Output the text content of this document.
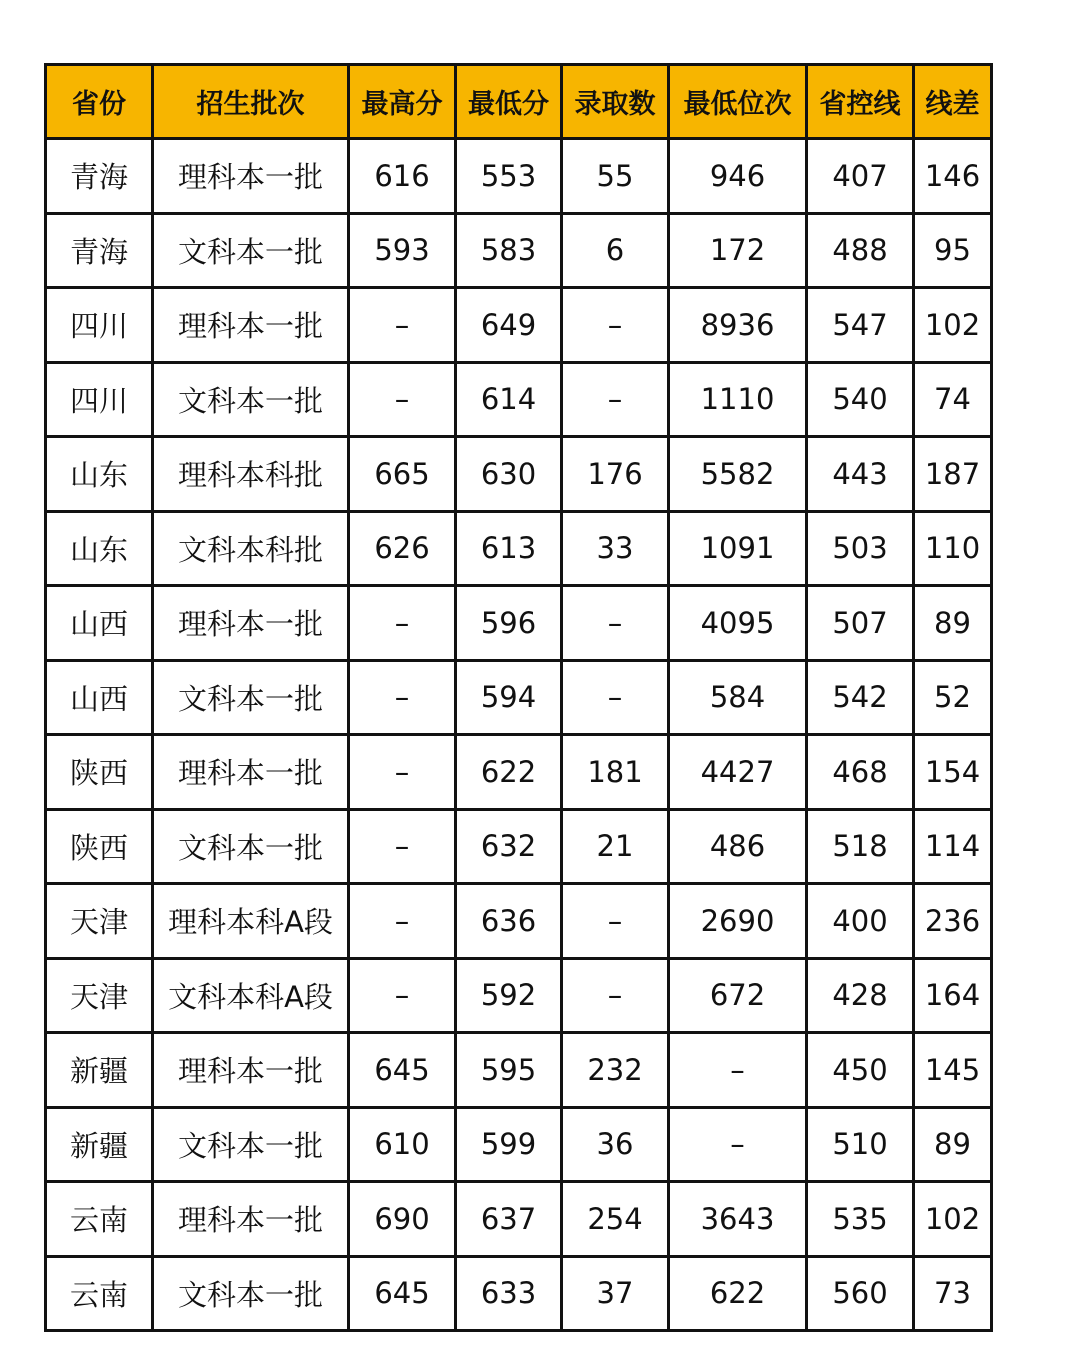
省份	招生批次	最高分	最低分	录取数	最低位次	省控线	线差
青海	理科本一批	616	553	55	946	407	146
青海	文科本一批	593	583	6	172	488	95
四川	理科本一批	–	649	–	8936	547	102
四川	文科本一批	–	614	–	1110	540	74
山东	理科本科批	665	630	176	5582	443	187
山东	文科本科批	626	613	33	1091	503	110
山西	理科本一批	–	596	–	4095	507	89
山西	文科本一批	–	594	–	584	542	52
陕西	理科本一批	–	622	181	4427	468	154
陕西	文科本一批	–	632	21	486	518	114
天津	理科本科A段	–	636	–	2690	400	236
天津	文科本科A段	–	592	–	672	428	164
新疆	理科本一批	645	595	232	–	450	145
新疆	文科本一批	610	599	36	–	510	89
云南	理科本一批	690	637	254	3643	535	102
云南	文科本一批	645	633	37	622	560	73
